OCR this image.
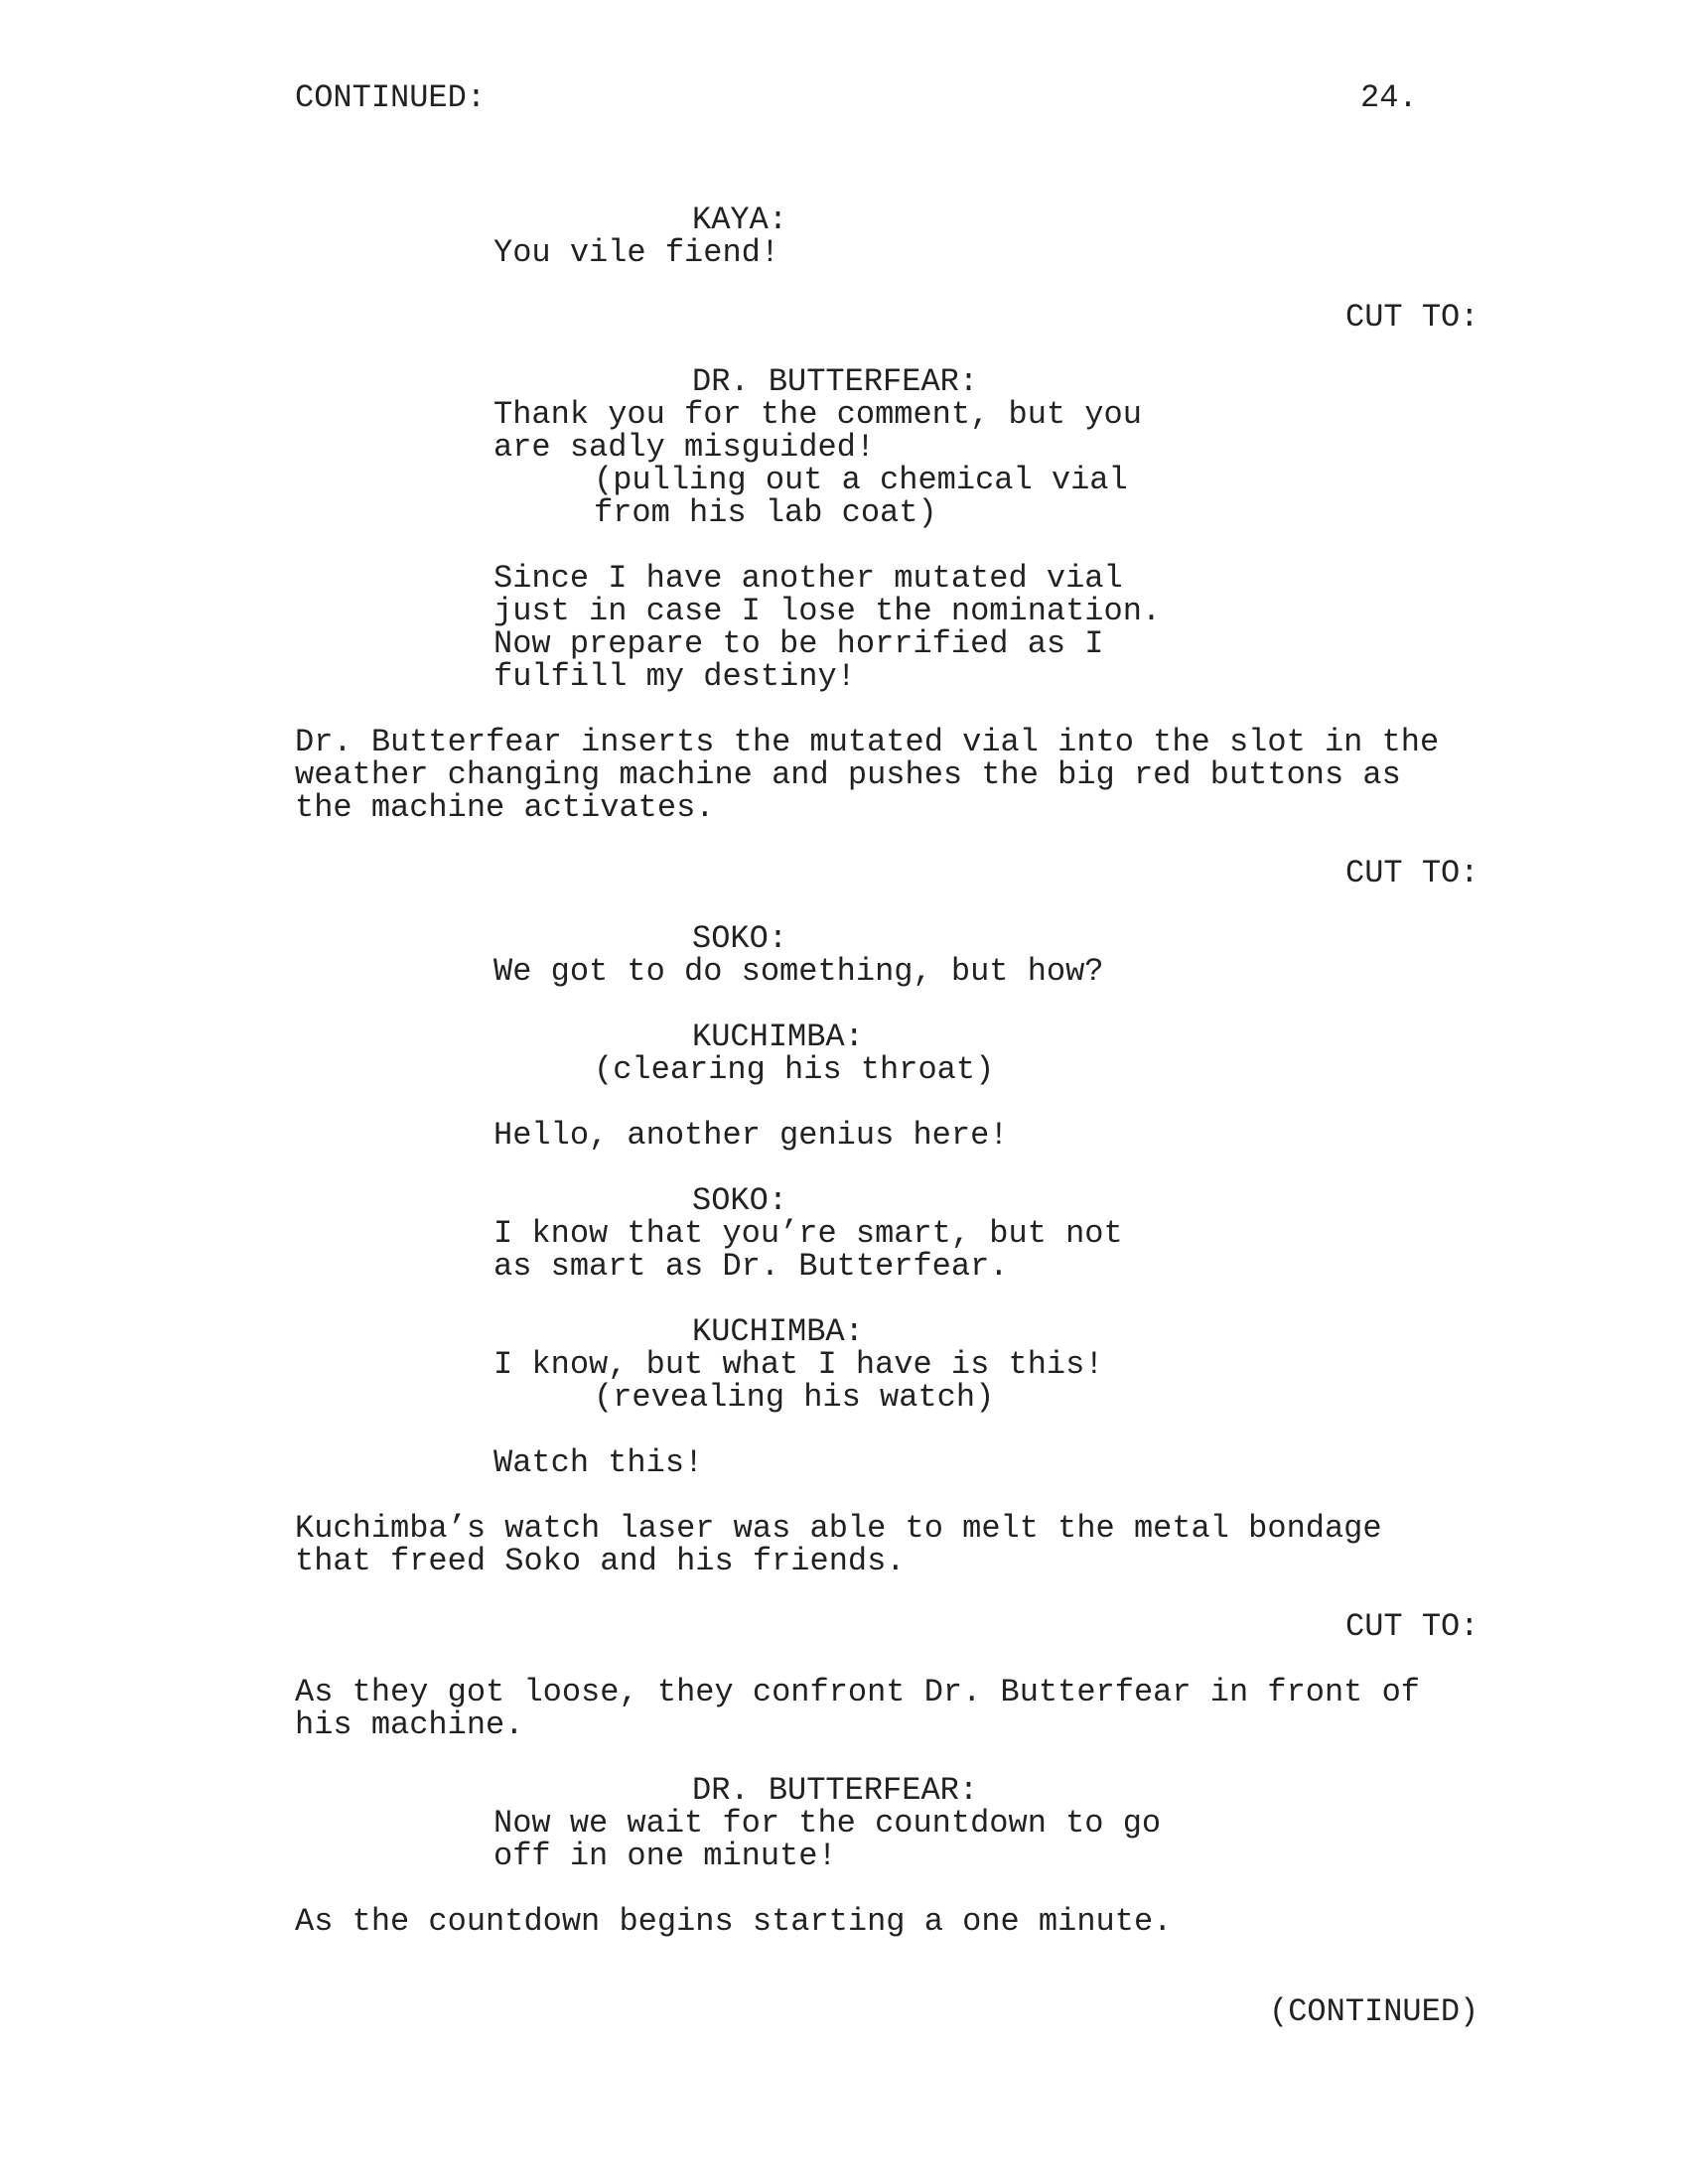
CONTINUED:	24.
KAYA:
You vile fiend!
CUT TO:
DR. BUTTERFEAR:
Thank you for the comment, but you
are sadly misguided!
(pulling out a chemical vial
from his lab coat)
Since I have another mutated vial
just in case I lose the nomination.
Now prepare to be horrified as I
fulfill my destiny!
Dr. Butterfear inserts the mutated vial into the slot in the
weather changing machine and pushes the big red buttons as
the machine activates.
CUT TO:
SOKO:
We got to do something, but how?
KUCHIMBA:
(clearing his throat)
Hello, another genius here!
SOKO:
I know that you’re smart, but not
as smart as Dr. Butterfear.
KUCHIMBA:
I know, but what I have is this!
(revealing his watch)
Watch this!
Kuchimba’s watch laser was able to melt the metal bondage
that freed Soko and his friends.
CUT TO:
As they got loose, they confront Dr. Butterfear in front of
his machine.
DR. BUTTERFEAR:
Now we wait for the countdown to go
off in one minute!
As the countdown begins starting a one minute.
(CONTINUED)
